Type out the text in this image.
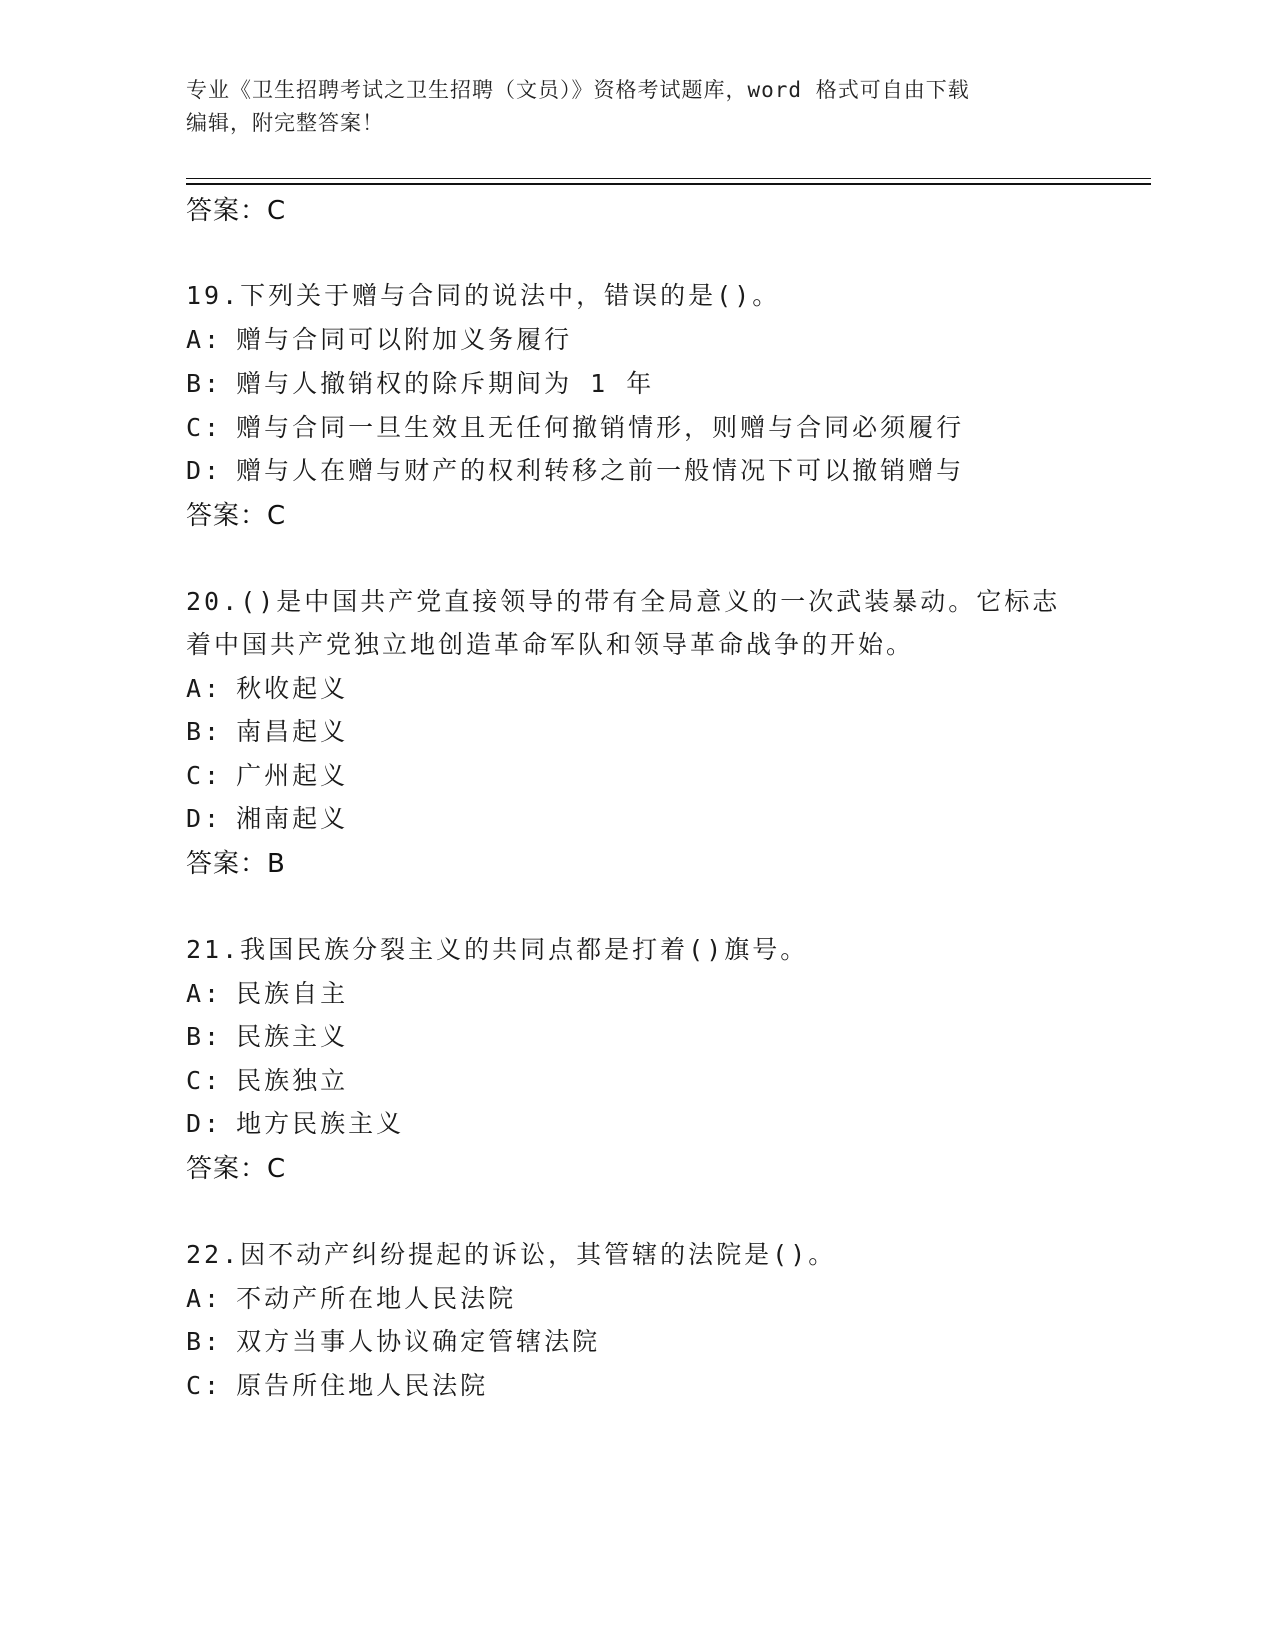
专业《卫生招聘考试之卫生招聘（文员）》资格考试题库，word 格式可自由下载
编辑，附完整答案！
答案：C
19.下列关于赠与合同的说法中，错误的是()。
A: 赠与合同可以附加义务履行
B: 赠与人撤销权的除斥期间为 1 年
C: 赠与合同一旦生效且无任何撤销情形，则赠与合同必须履行
D: 赠与人在赠与财产的权利转移之前一般情况下可以撤销赠与
答案：C
20.()是中国共产党直接领导的带有全局意义的一次武装暴动。它标志
着中国共产党独立地创造革命军队和领导革命战争的开始。
A: 秋收起义
B: 南昌起义
C: 广州起义
D: 湘南起义
答案：B
21.我国民族分裂主义的共同点都是打着()旗号。
A: 民族自主
B: 民族主义
C: 民族独立
D: 地方民族主义
答案：C
22.因不动产纠纷提起的诉讼，其管辖的法院是()。
A: 不动产所在地人民法院
B: 双方当事人协议确定管辖法院
C: 原告所住地人民法院
